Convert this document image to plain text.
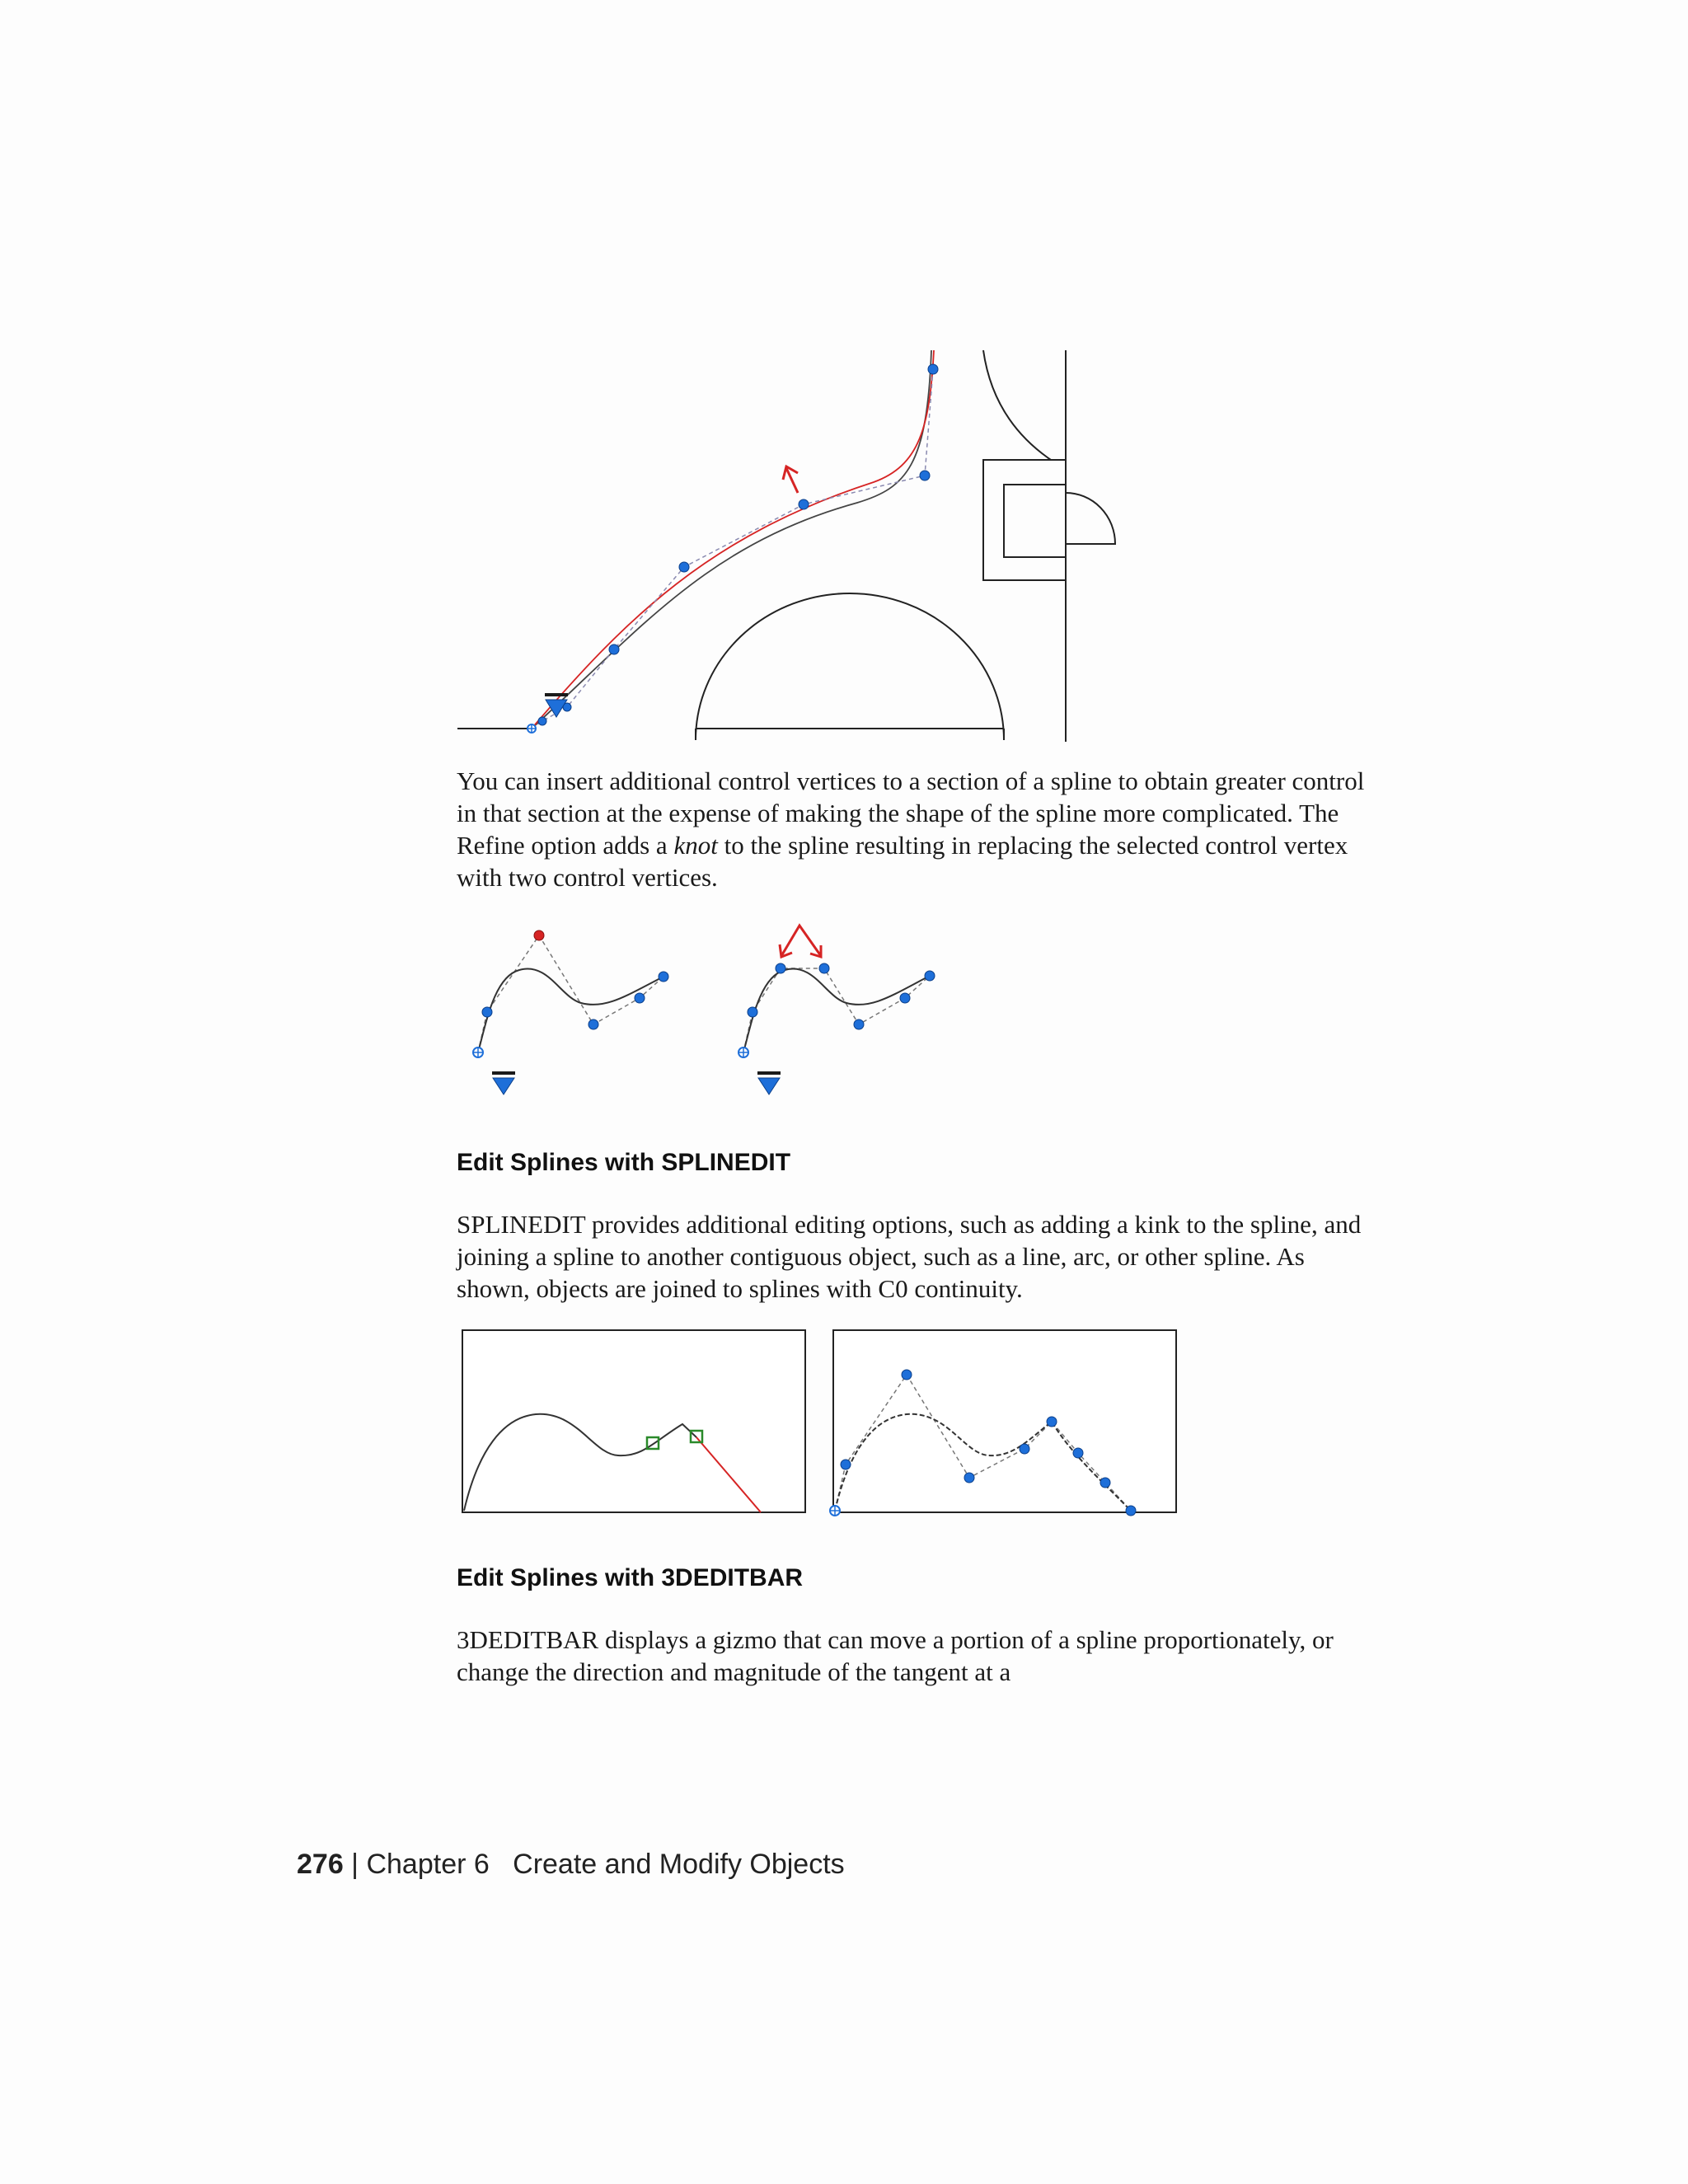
You can insert additional control vertices to a section of a spline to obtain greater control in that section at the expense of making the shape of the spline more complicated. The Refine option adds a knot to the spline resulting in replacing the selected control vertex with two control vertices.

Edit Splines with SPLINEDIT

SPLINEDIT provides additional editing options, such as adding a kink to the spline, and joining a spline to another contiguous object, such as a line, arc, or other spline. As shown, objects are joined to splines with C0 continuity.

Edit Splines with 3DEDITBAR

3DEDITBAR displays a gizmo that can move a portion of a spline proportionately, or change the direction and magnitude of the tangent at a

276 | Chapter 6 Create and Modify Objects
